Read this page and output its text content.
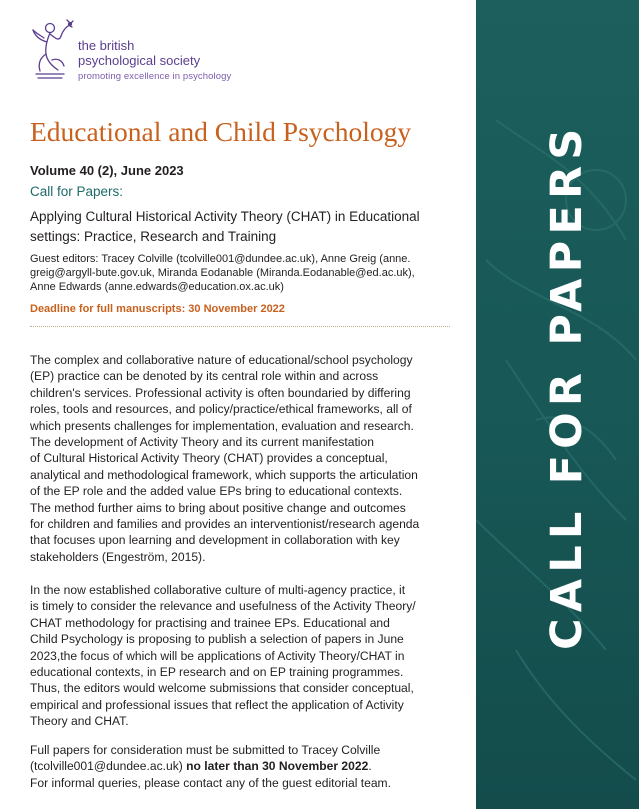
the british
psychological society
promoting excellence in psychology
Educational and Child Psychology
Volume 40 (2), June 2023
Call for Papers:
Applying Cultural Historical Activity Theory (CHAT) in Educational
settings: Practice, Research and Training
Guest editors: Tracey Colville (tcolville001@dundee.ac.uk), Anne Greig (anne.
greig@argyll-bute.gov.uk, Miranda Eodanable (Miranda.Eodanable@ed.ac.uk),
Anne Edwards (anne.edwards@education.ox.ac.uk)
Deadline for full manuscripts: 30 November 2022
The complex and collaborative nature of educational/school psychology
(EP) practice can be denoted by its central role within and across
children's services. Professional activity is often boundaried by differing
roles, tools and resources, and policy/practice/ethical frameworks, all of
which presents challenges for implementation, evaluation and research.
The development of Activity Theory and its current manifestation
of Cultural Historical Activity Theory (CHAT) provides a conceptual,
analytical and methodological framework, which supports the articulation
of the EP role and the added value EPs bring to educational contexts.
The method further aims to bring about positive change and outcomes
for children and families and provides an interventionist/research agenda
that focuses upon learning and development in collaboration with key
stakeholders (Engeström, 2015).
In the now established collaborative culture of multi-agency practice, it
is timely to consider the relevance and usefulness of the Activity Theory/
CHAT methodology for practising and trainee EPs. Educational and
Child Psychology is proposing to publish a selection of papers in June
2023,the focus of which will be applications of Activity Theory/CHAT in
educational contexts, in EP research and on EP training programmes.
Thus, the editors would welcome submissions that consider conceptual,
empirical and professional issues that reflect the application of Activity
Theory and CHAT.
Full papers for consideration must be submitted to Tracey Colville
(tcolville001@dundee.ac.uk) no later than 30 November 2022.
For informal queries, please contact any of the guest editorial team.
CALL FOR PAPERS
